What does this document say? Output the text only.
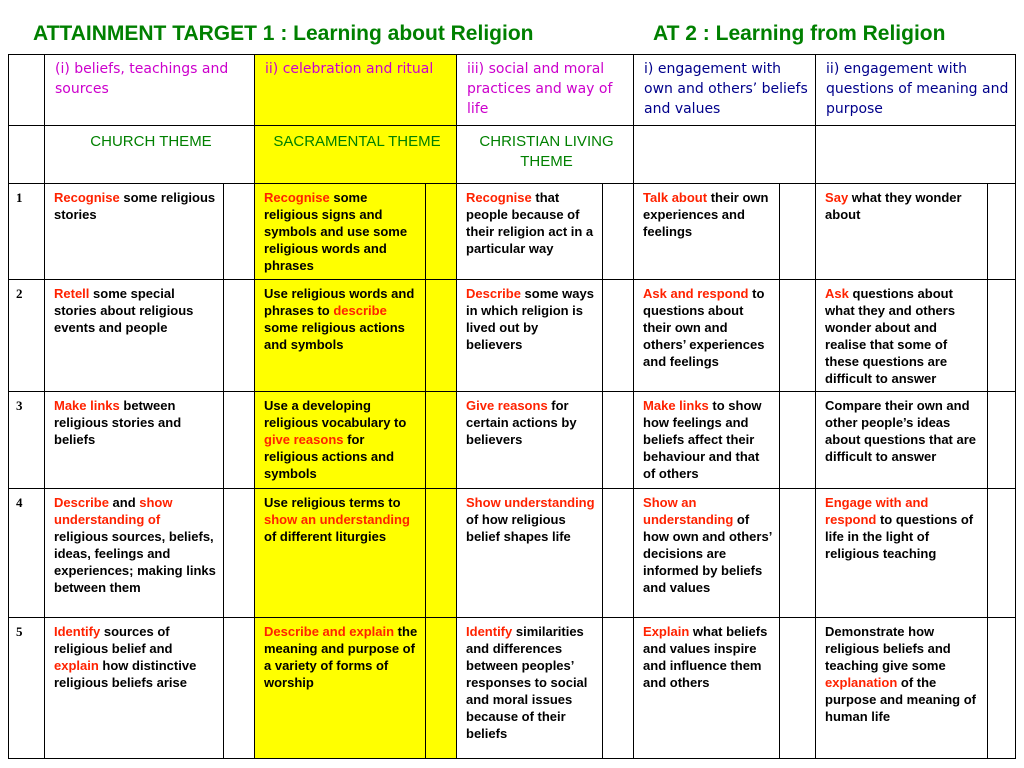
ATTAINMENT TARGET 1 : Learning about Religion	AT 2 : Learning from Religion
	(i) beliefs, teachings and sources		ii) celebration and ritual		iii) social and moral practices and way of life		i) engagement with own and others’ beliefs and values		ii) engagement with questions of meaning and purpose	
	CHURCH THEME		SACRAMENTAL THEME		CHRISTIAN LIVING THEME					
1	Recognise some religious stories		Recognise some religious signs and symbols and use some religious words and phrases		Recognise that people because of their religion act in a particular way		Talk about their own experiences and feelings		Say what they wonder about	
2	Retell some special stories about religious events and people		Use religious words and phrases to describe some religious actions and symbols		Describe some ways in which religion is lived out by believers		Ask and respond to questions about their own and others’ experiences and feelings		Ask questions about what they and others wonder about and realise that some of these questions are difficult to answer	
3	Make links between religious stories and beliefs		Use a developing religious vocabulary to give reasons for religious actions and symbols		Give reasons for certain actions by believers		Make links to show how feelings and beliefs affect their behaviour and that of others		Compare their own and other people’s ideas about questions that are difficult to answer	
4	Describe and show understanding of religious sources, beliefs, ideas, feelings and experiences; making links between them		Use religious terms to show an understanding of different liturgies		Show understanding of how religious belief shapes life		Show an understanding of how own and others’ decisions are informed by beliefs and values		Engage with and respond to questions of life in the light of religious teaching	
5	Identify sources of religious belief and explain how distinctive religious beliefs arise		Describe and explain the meaning and purpose of a variety of forms of worship		Identify similarities and differences between peoples’ responses to social and moral issues because of their beliefs		Explain what beliefs and values inspire and influence them and others		Demonstrate how religious beliefs and teaching give some explanation of the purpose and meaning of human life	
